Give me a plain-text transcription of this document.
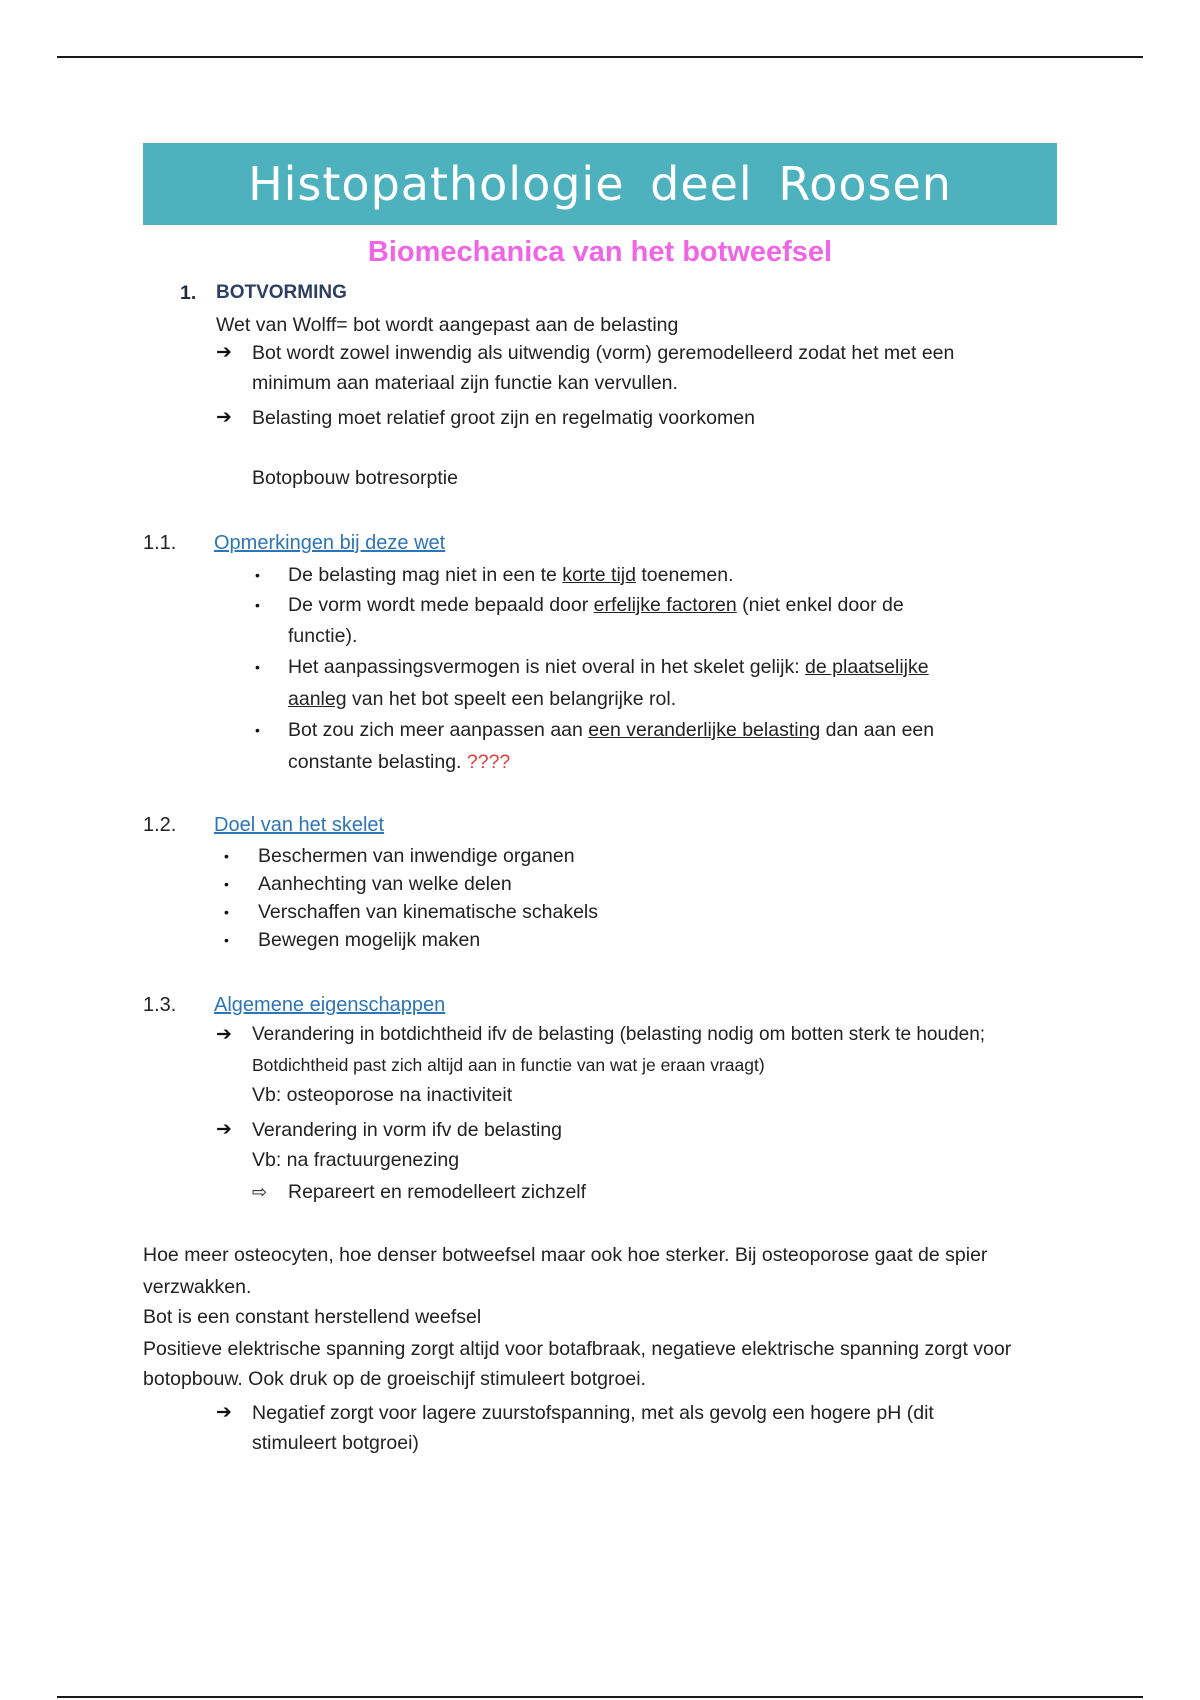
Histopathologie deel Roosen
Biomechanica van het botweefsel
1. BOTVORMING
Wet van Wolff= bot wordt aangepast aan de belasting
➔ Bot wordt zowel inwendig als uitwendig (vorm) geremodelleerd zodat het met een
minimum aan materiaal zijn functie kan vervullen.
➔ Belasting moet relatief groot zijn en regelmatig voorkomen
Botopbouw botresorptie
1.1. Opmerkingen bij deze wet
• De belasting mag niet in een te korte tijd toenemen.
• De vorm wordt mede bepaald door erfelijke factoren (niet enkel door de
functie).
• Het aanpassingsvermogen is niet overal in het skelet gelijk: de plaatselijke
aanleg van het bot speelt een belangrijke rol.
• Bot zou zich meer aanpassen aan een veranderlijke belasting dan aan een
constante belasting. ????
1.2. Doel van het skelet
• Beschermen van inwendige organen
• Aanhechting van welke delen
• Verschaffen van kinematische schakels
• Bewegen mogelijk maken
1.3. Algemene eigenschappen
➔ Verandering in botdichtheid ifv de belasting (belasting nodig om botten sterk te houden;
Botdichtheid past zich altijd aan in functie van wat je eraan vraagt)
Vb: osteoporose na inactiviteit
➔ Verandering in vorm ifv de belasting
Vb: na fractuurgenezing
⇨ Repareert en remodelleert zichzelf
Hoe meer osteocyten, hoe denser botweefsel maar ook hoe sterker. Bij osteoporose gaat de spier
verzwakken.
Bot is een constant herstellend weefsel
Positieve elektrische spanning zorgt altijd voor botafbraak, negatieve elektrische spanning zorgt voor
botopbouw. Ook druk op de groeischijf stimuleert botgroei.
➔ Negatief zorgt voor lagere zuurstofspanning, met als gevolg een hogere pH (dit
stimuleert botgroei)
